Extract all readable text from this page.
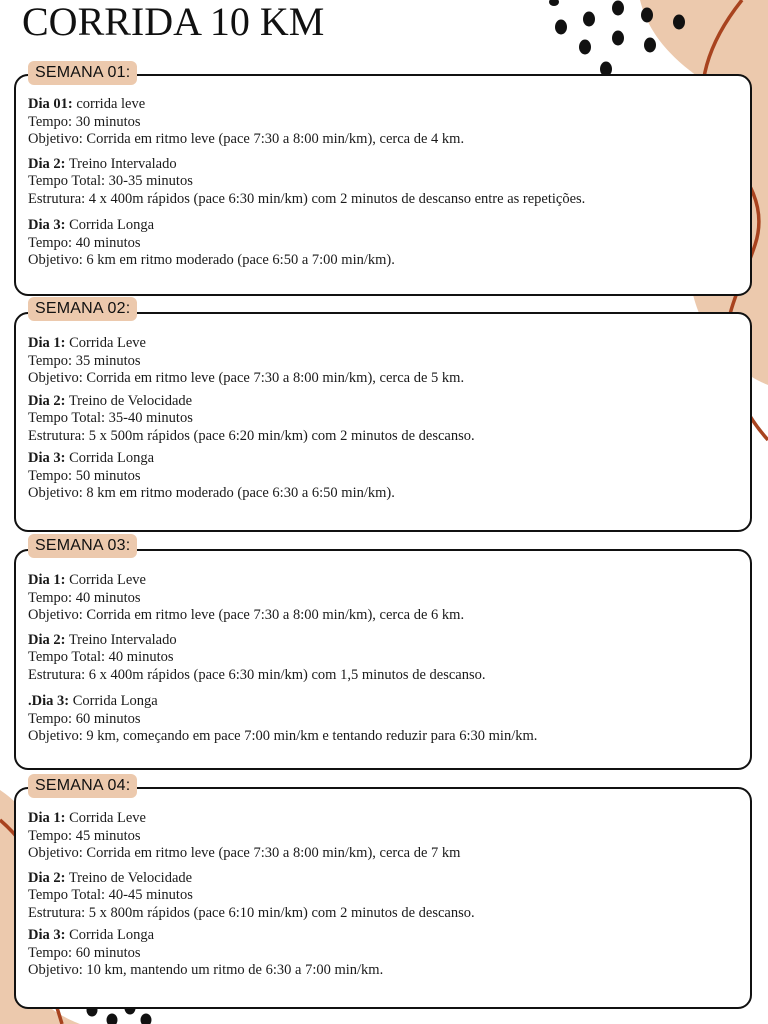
CORRIDA 10 KM
SEMANA 01:
Dia 01: corrida leve
Tempo: 30 minutos
Objetivo: Corrida em ritmo leve (pace 7:30 a 8:00 min/km), cerca de 4 km.
Dia 2: Treino Intervalado
Tempo Total: 30-35 minutos
Estrutura: 4 x 400m rápidos (pace 6:30 min/km) com 2 minutos de descanso entre as repetições.
Dia 3: Corrida Longa
Tempo: 40 minutos
Objetivo: 6 km em ritmo moderado (pace 6:50 a 7:00 min/km).
SEMANA 02:
Dia 1: Corrida Leve
Tempo: 35 minutos
Objetivo: Corrida em ritmo leve (pace 7:30 a 8:00 min/km), cerca de 5 km.
Dia 2: Treino de Velocidade
Tempo Total: 35-40 minutos
Estrutura: 5 x 500m rápidos (pace 6:20 min/km) com 2 minutos de descanso.
Dia 3: Corrida Longa
Tempo: 50 minutos
Objetivo: 8 km em ritmo moderado (pace 6:30 a 6:50 min/km).
SEMANA 03:
Dia 1: Corrida Leve
Tempo: 40 minutos
Objetivo: Corrida em ritmo leve (pace 7:30 a 8:00 min/km), cerca de 6 km.
Dia 2: Treino Intervalado
Tempo Total: 40 minutos
Estrutura: 6 x 400m rápidos (pace 6:30 min/km) com 1,5 minutos de descanso.
.Dia 3: Corrida Longa
Tempo: 60 minutos
Objetivo: 9 km, começando em pace 7:00 min/km e tentando reduzir para 6:30 min/km.
SEMANA 04:
Dia 1: Corrida Leve
Tempo: 45 minutos
Objetivo: Corrida em ritmo leve (pace 7:30 a 8:00 min/km), cerca de 7 km
Dia 2: Treino de Velocidade
Tempo Total: 40-45 minutos
Estrutura: 5 x 800m rápidos (pace 6:10 min/km) com 2 minutos de descanso.
Dia 3: Corrida Longa
Tempo: 60 minutos
Objetivo: 10 km, mantendo um ritmo de 6:30 a 7:00 min/km.
